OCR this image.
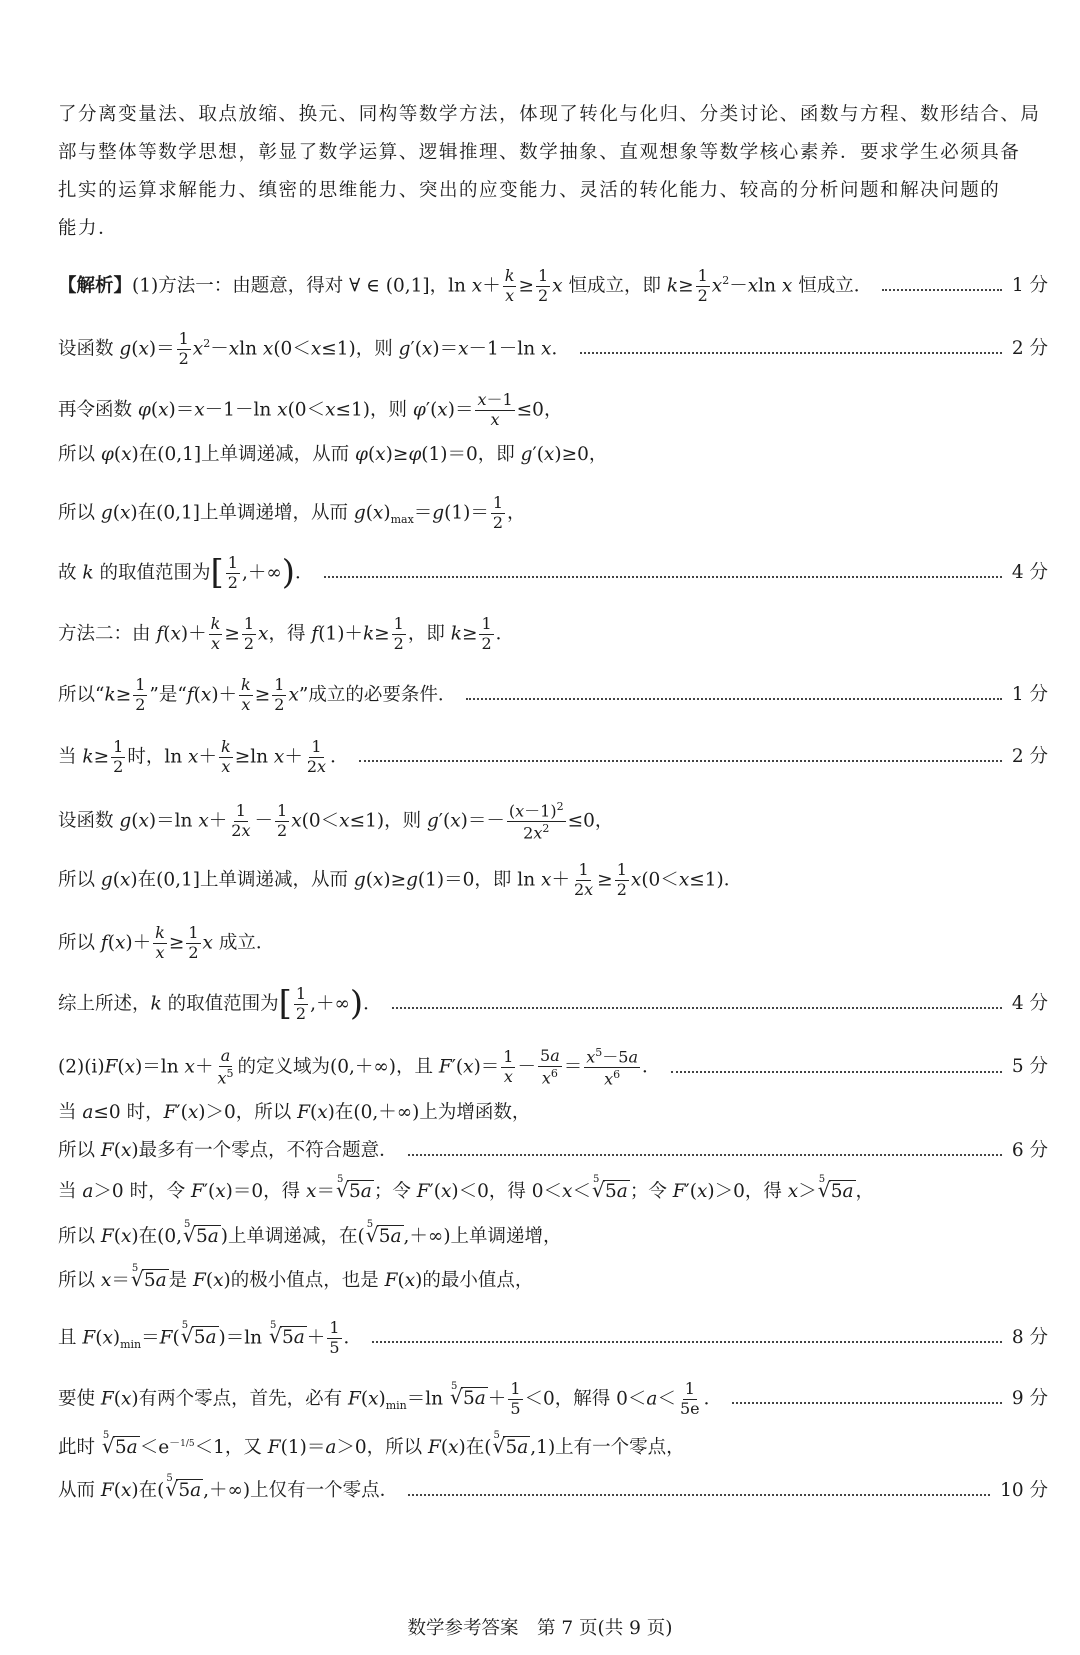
了分离变量法、取点放缩、换元、同构等数学方法，体现了转化与化归、分类讨论、函数与方程、数形结合、局
部与整体等数学思想，彰显了数学运算、逻辑推理、数学抽象、直观想象等数学核心素养．要求学生必须具备
扎实的运算求解能力、缜密的思维能力、突出的应变能力、灵活的转化能力、较高的分析问题和解决问题的
能力．
【解析】(1)方法一：由题意，得对 ∀ ∈ (0,1]，$\ln x+ \frac{k}{x} \ge \frac{1}{2}$ x 恒成立，即 $k\ge \frac{1}{2} x^2-xln$ x 恒成立．	1 分
设函数 $g(x)= \frac{1}{2} x^2-xln$ x(0＜x≤1)，则 g′(x)＝x－1－ln x．	2 分
再令函数 φ(x)＝x－1－ln x(0＜x≤1)，则 $\varphi'(x)= \frac{x-1}{x} \le 0$，
所以 φ(x)在(0,1]上单调递减，从而 φ(x)≥φ(1)＝0，即 g′(x)≥0，
所以 g(x)在(0,1]上单调递增，从而 $g(x)_{max}=g(1)= \frac{1}{2}$ ，
故 k 的取值范围为[ $\frac{1}{2}$ ,＋∞)．	4 分
方法二：由 $f(x)+ \frac{k}{x} \ge \frac{1}{2}$ x，得 $f(1)+k\ge \frac{1}{2}$ ，即 $k\ge \frac{1}{2}$ ．
所以“$k\ge \frac{1}{2}$ ”是“$f(x)+ \frac{k}{x} \ge \frac{1}{2} x$”成立的必要条件．	1 分
当 $k\ge \frac{1}{2}$ 时，$\ln x+ \frac{k}{x} \ge\ln$ $x+ \frac{1}{2x}$ ．	2 分
设函数 g(x)＝ln $x+ \frac{1}{2x} - \frac{1}{2} x(0<x\le 1)$，则 $g'(x)=- \frac{(x-1)^2}{2x^2} \le 0$，
所以 g(x)在(0,1]上单调递减，从而 g(x)≥g(1)＝0，即 $\ln x+ \frac{1}{2x} \ge \frac{1}{2} x(0<x\le 1)$．
所以 $f(x)+ \frac{k}{x} \ge \frac{1}{2}$ x 成立．
综上所述，k 的取值范围为[ $\frac{1}{2}$ ,＋∞)．	4 分
(2)(i)F(x)＝ln $x+ \frac{a}{x^5}$ 的定义域为(0,＋∞)，且 $F'(x)= \frac{1}{x} - \frac{5a}{x^6} = \frac{x^5-5a}{x^6}$ ．	5 分
当 a≤0 时，F′(x)＞0，所以 F(x)在(0,＋∞)上为增函数，
所以 F(x)最多有一个零点，不符合题意．	6 分
当 a＞0 时，令 F′(x)＝0，得 x＝
5
√ 5a ；令 F′(x)＜0，得 0＜x＜
5
√ 5a ；令 F′(x)＞0，得 x＞
5
√ 5a ，
所以 F(x)在(0,
5
√ 5a )上单调递减，在(
5
√ 5a ,＋∞)上单调递增，
所以 x＝
5
√ 5a 是 F(x)的极小值点，也是 F(x)的最小值点，
且 $F(x)_{min}=F$(
5
√ 5a )＝ln
5
√ $5a + \frac{1}{5}$ ．	8 分
要使 F(x)有两个零点，首先，必有 $F(x)_{min}=\ln$
5
√ $5a + \frac{1}{5} <0$，解得 $0<a< \frac{1}{5e}$ ．	9 分
此时
5
√ $5a <e^{-1/5}<1$，又 F(1)＝a＞0，所以 F(x)在(
5
√ 5a ,1)上有一个零点，
从而 F(x)在(
5
√ 5a ,＋∞)上仅有一个零点．	10 分
数学参考答案　第 7 页(共 9 页)
